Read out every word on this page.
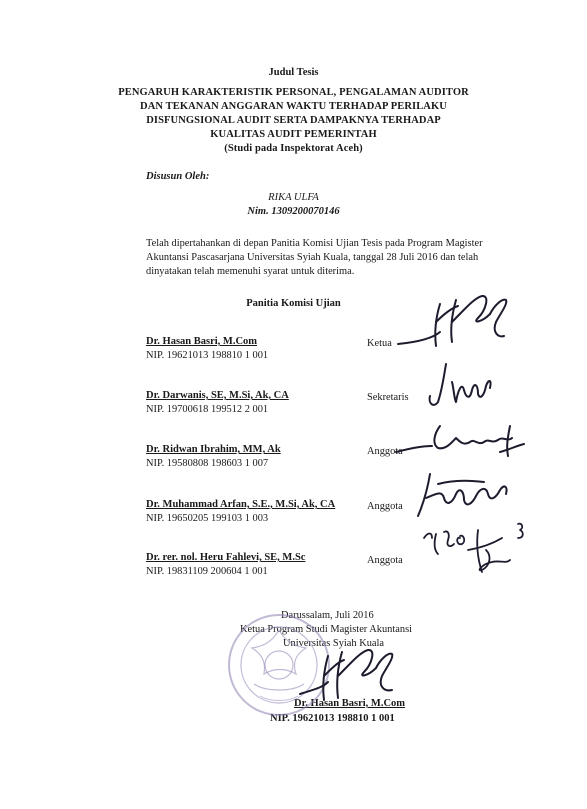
Judul Tesis
PENGARUH KARAKTERISTIK PERSONAL, PENGALAMAN AUDITOR
DAN TEKANAN ANGGARAN WAKTU TERHADAP PERILAKU
DISFUNGSIONAL AUDIT SERTA DAMPAKNYA TERHADAP
KUALITAS AUDIT PEMERINTAH
(Studi pada Inspektorat Aceh)
Disusun Oleh:
RIKA ULFA
Nim. 1309200070146
Telah dipertahankan di depan Panitia Komisi Ujian Tesis pada Program Magister
Akuntansi Pascasarjana Universitas Syiah Kuala, tanggal 28 Juli 2016 dan telah
dinyatakan telah memenuhi syarat untuk diterima.
Panitia Komisi Ujian
Dr. Hasan Basri, M.Com
NIP. 19621013 198810 1 001
Ketua
Dr. Darwanis, SE, M.Si, Ak, CA
NIP. 19700618 199512 2 001
Sekretaris
Dr. Ridwan Ibrahim, MM, Ak
NIP. 19580808 198603 1 007
Anggota
Dr. Muhammad Arfan, S.E., M.Si, Ak, CA
NIP. 19650205 199103 1 003
Anggota
Dr. rer. nol. Heru Fahlevi, SE, M.Sc
NIP. 19831109 200604 1 001
Anggota
Darussalam, Juli 2016
Ketua Program Studi Magister Akuntansi
Universitas Syiah Kuala
Dr. Hasan Basri, M.Com
NIP. 19621013 198810 1 001
